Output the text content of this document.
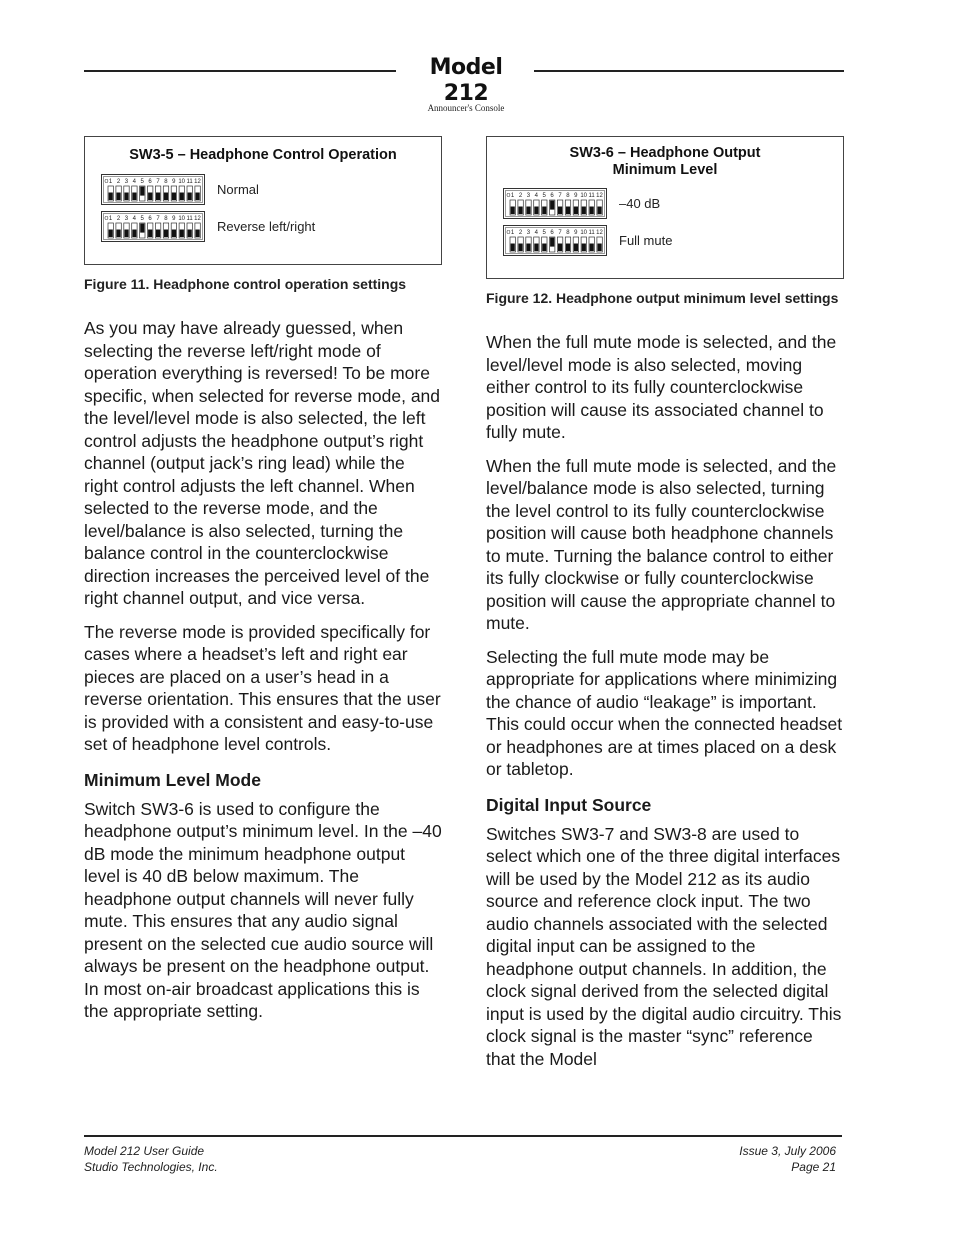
Model 212
Announcer's Console
SW3-5 – Headphone Control Operation
O 1 2 3 4 5 6 7 8 9 10 11 12 Normal
O 1 2 3 4 5 6 7 8 9 10 11 12 Reverse left/right
Figure 11. Headphone control operation settings

As you may have already guessed, when selecting the reverse left/right mode of operation everything is reversed! To be more specific, when selected for reverse mode, and the level/level mode is also selected, the left control adjusts the headphone output’s right channel (output jack’s ring lead) while the right control adjusts the left channel. When selected to the reverse mode, and the level/balance is also selected, turning the balance control in the counterclockwise direction increases the perceived level of the right channel output, and vice versa.

The reverse mode is provided specifically for cases where a headset’s left and right ear pieces are placed on a user’s head in a reverse orientation. This ensures that the user is provided with a consistent and easy-to-use set of headphone level controls.

Minimum Level Mode

Switch SW3-6 is used to configure the headphone output’s minimum level. In the –40 dB mode the minimum headphone output level is 40 dB below maximum. The headphone output channels will never fully mute. This ensures that any audio signal present on the selected cue audio source will always be present on the headphone output. In most on-air broadcast applications this is the appropriate setting.

SW3-6 – Headphone Output
Minimum Level
O 1 2 3 4 5 6 7 8 9 10 11 12 –40 dB
O 1 2 3 4 5 6 7 8 9 10 11 12 Full mute
Figure 12. Headphone output minimum level settings

When the full mute mode is selected, and the level/level mode is also selected, moving either control to its fully counterclockwise position will cause its associated channel to fully mute.

When the full mute mode is selected, and the level/balance mode is also selected, turning the level control to its fully counterclockwise position will cause both headphone channels to mute. Turning the balance control to either its fully clockwise or fully counterclockwise position will cause the appropriate channel to mute.

Selecting the full mute mode may be appropriate for applications where minimizing the chance of audio “leakage” is important. This could occur when the connected headset or headphones are at times placed on a desk or tabletop.

Digital Input Source

Switches SW3-7 and SW3-8 are used to select which one of the three digital interfaces will be used by the Model 212 as its audio source and reference clock input. The two audio channels associated with the selected digital input can be assigned to the headphone output channels. In addition, the clock signal derived from the selected digital input is used by the digital audio circuitry. This clock signal is the master “sync” reference that the Model

Model 212 User Guide
Studio Technologies, Inc.
Issue 3, July 2006
Page 21
